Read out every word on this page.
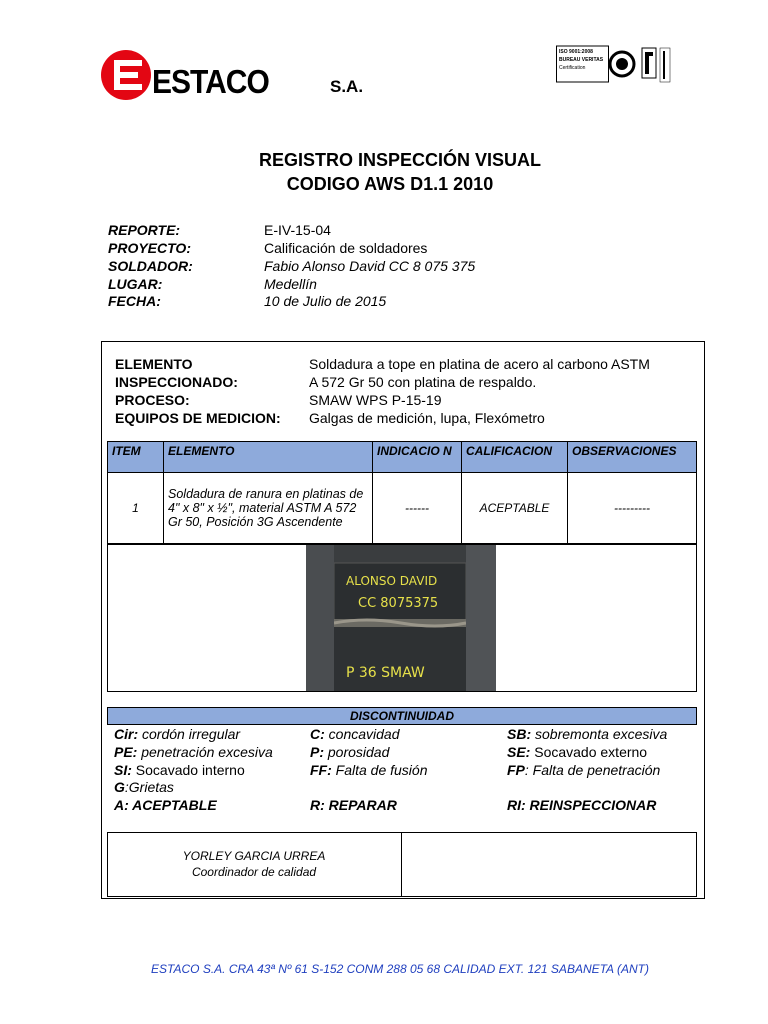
ESTACO	S.A.
ISO 9001:2008
BUREAU VERITAS
Certification
REGISTRO INSPECCIÓN VISUAL
CODIGO AWS D1.1 2010
REPORTE:	E-IV-15-04
PROYECTO:	Calificación de soldadores
SOLDADOR:	Fabio Alonso David CC 8 075 375
LUGAR:	Medellín
FECHA:	10 de Julio de 2015
ELEMENTO
INSPECCIONADO:
Soldadura a tope en platina de acero al carbono ASTM
A 572 Gr 50 con platina de respaldo.
PROCESO:	SMAW WPS P-15-19
EQUIPOS DE MEDICION: Galgas de medición, lupa, Flexómetro
ITEM	ELEMENTO	INDICACIO N	CALIFICACION	OBSERVACIONES
1	Soldadura de ranura en platinas de 4" x 8" x ½", material ASTM A 572 Gr 50, Posición 3G Ascendente	------	ACEPTABLE	---------
ALONSO DAVID
CC 8075375
P 36 SMAW
DISCONTINUIDAD
Cir: cordón irregular	C: concavidad	SB: sobremonta excesiva
PE: penetración excesiva	P: porosidad	SE: Socavado externo
SI: Socavado interno	FF: Falta de fusión	FP: Falta de penetración
G:Grietas
A: ACEPTABLE	R: REPARAR	RI: REINSPECCIONAR
YORLEY GARCIA URREA
Coordinador de calidad
ESTACO S.A. CRA 43ª Nº 61 S-152 CONM 288 05 68 CALIDAD EXT. 121 SABANETA (ANT)
